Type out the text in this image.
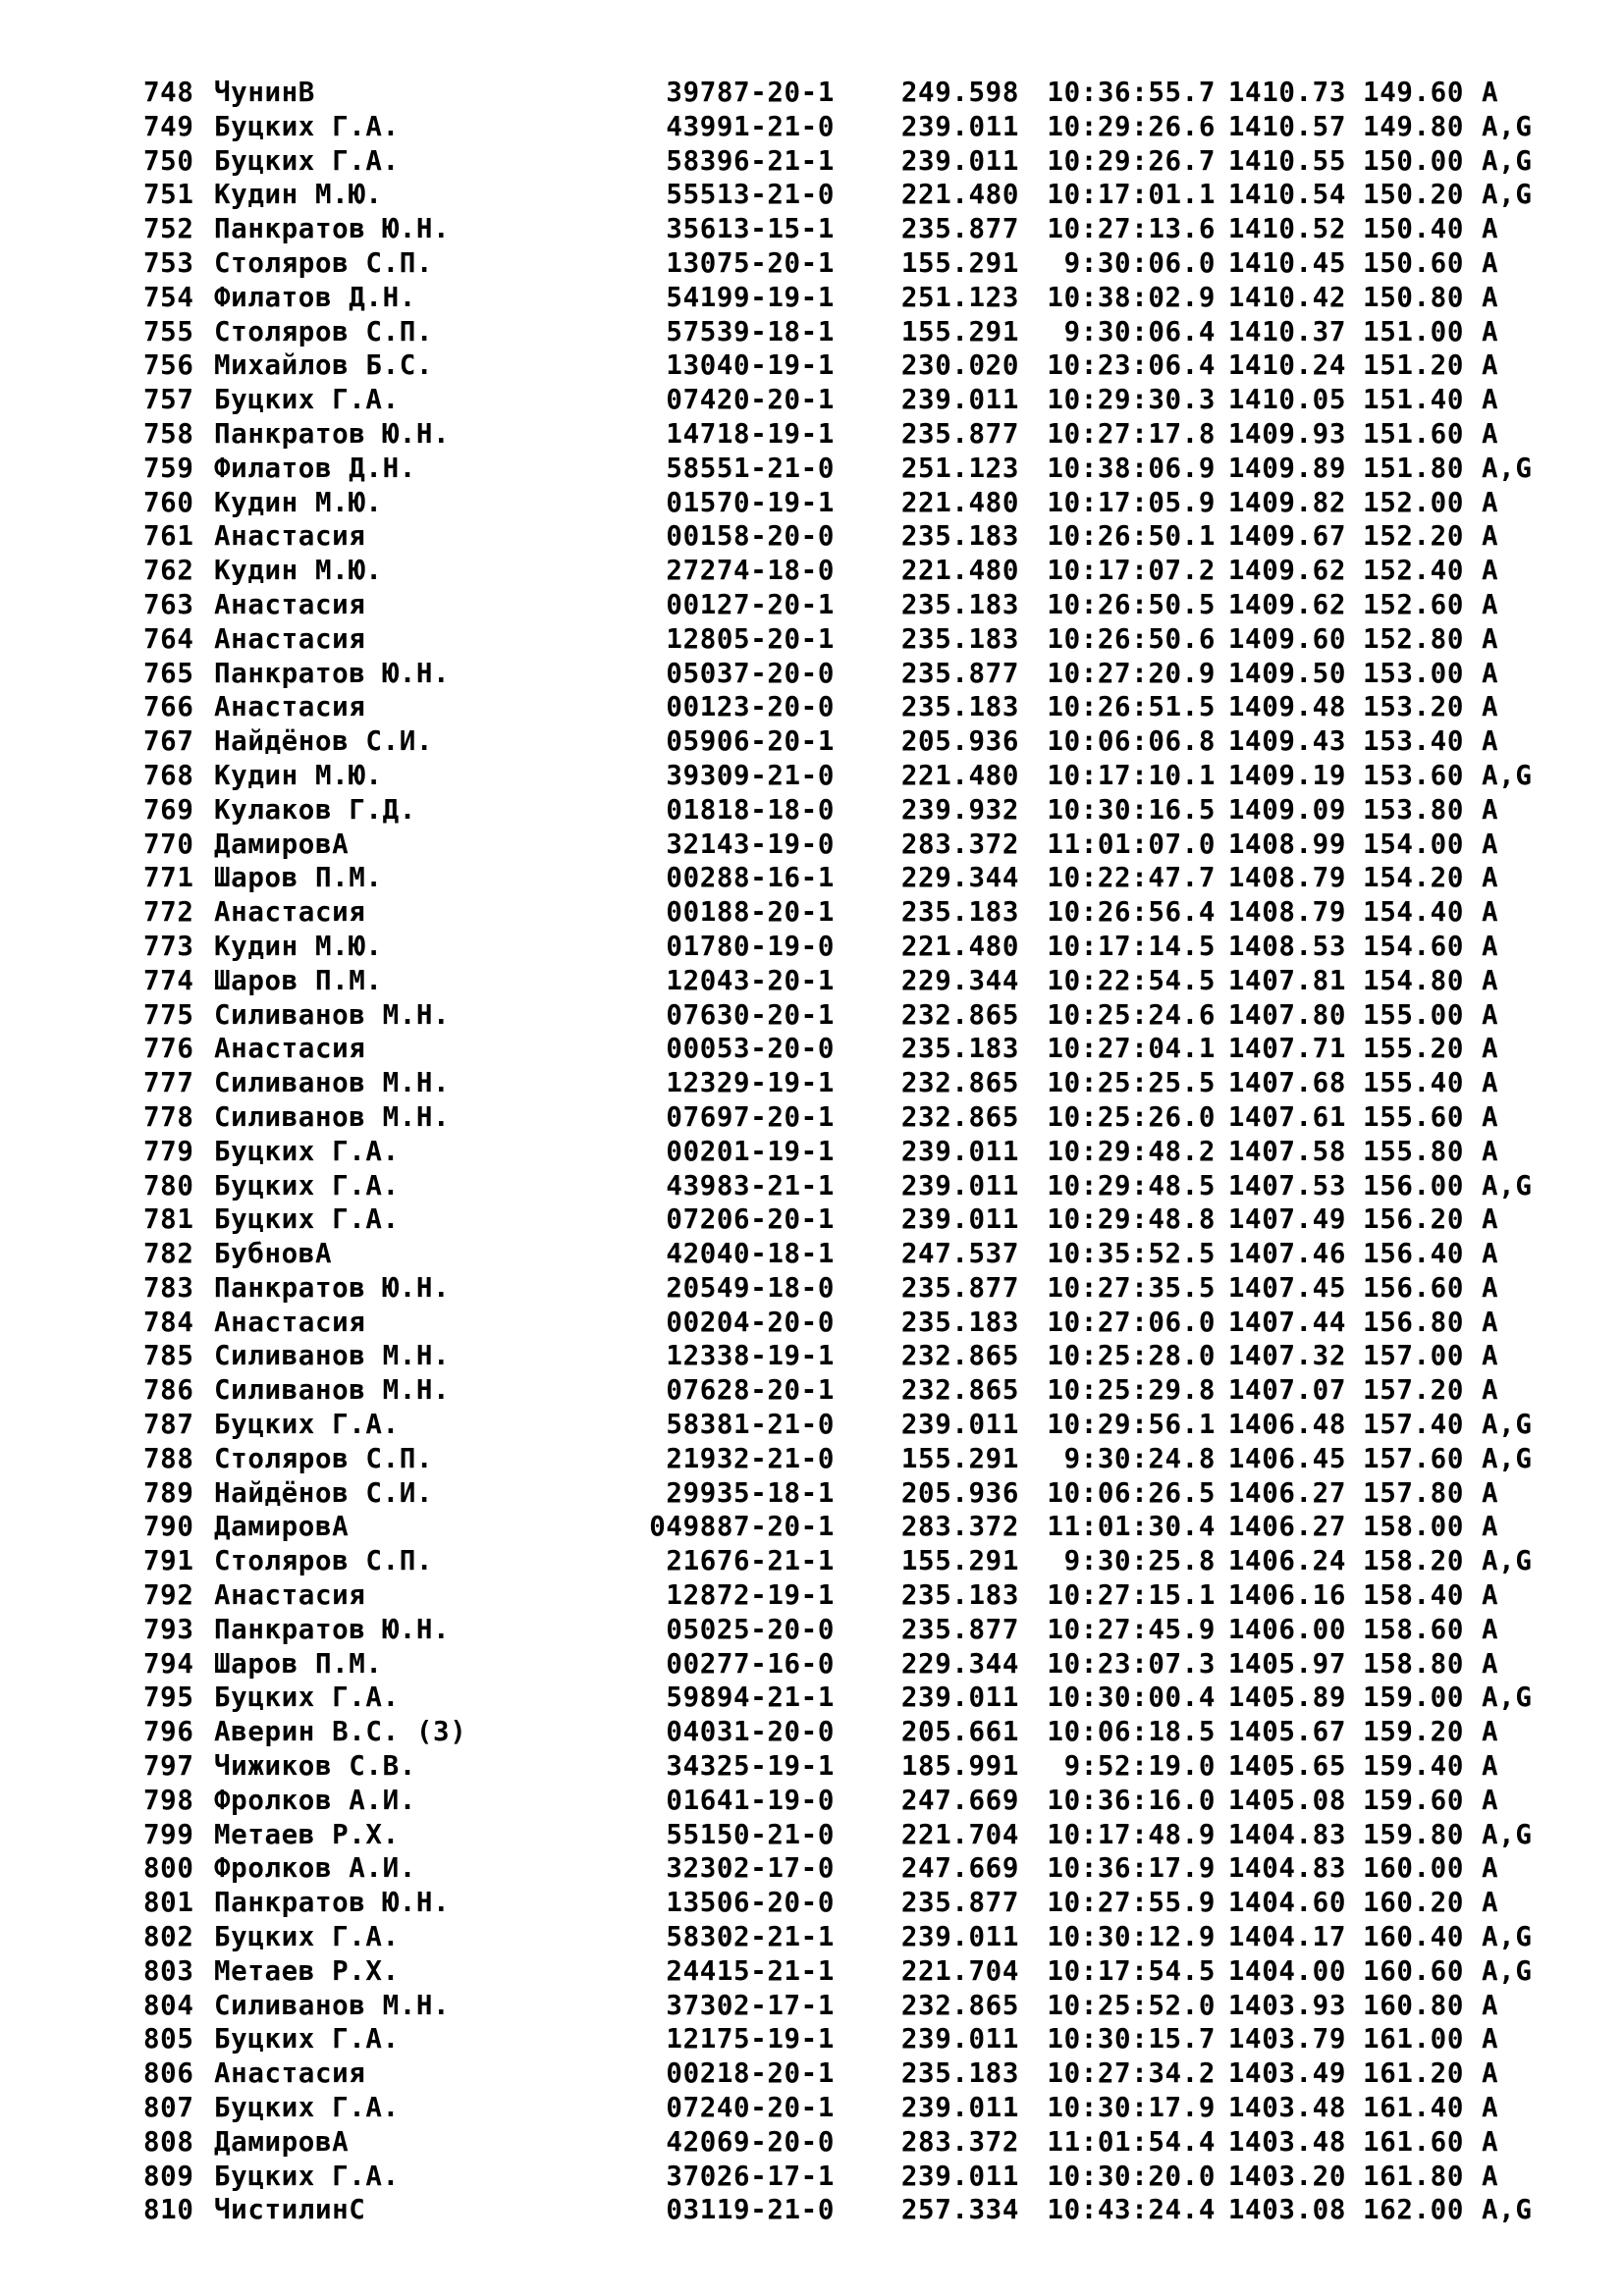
748 ЧунинВ	39787-20-1 249.598 10:36:55.7 1410.73 149.60 A
749 Буцких Г.А.	43991-21-0 239.011 10:29:26.6 1410.57 149.80 A,G
750 Буцких Г.А.	58396-21-1 239.011 10:29:26.7 1410.55 150.00 A,G
751 Кудин М.Ю.	55513-21-0 221.480 10:17:01.1 1410.54 150.20 A,G
752 Панкратов Ю.Н.	35613-15-1 235.877 10:27:13.6 1410.52 150.40 A
753 Столяров С.П.	13075-20-1 155.291 9:30:06.0 1410.45 150.60 A
754 Филатов Д.Н.	54199-19-1 251.123 10:38:02.9 1410.42 150.80 A
755 Столяров С.П.	57539-18-1 155.291 9:30:06.4 1410.37 151.00 A
756 Михайлов Б.С.	13040-19-1 230.020 10:23:06.4 1410.24 151.20 A
757 Буцких Г.А.	07420-20-1 239.011 10:29:30.3 1410.05 151.40 A
758 Панкратов Ю.Н.	14718-19-1 235.877 10:27:17.8 1409.93 151.60 A
759 Филатов Д.Н.	58551-21-0 251.123 10:38:06.9 1409.89 151.80 A,G
760 Кудин М.Ю.	01570-19-1 221.480 10:17:05.9 1409.82 152.00 A
761 Анастасия	00158-20-0 235.183 10:26:50.1 1409.67 152.20 A
762 Кудин М.Ю.	27274-18-0 221.480 10:17:07.2 1409.62 152.40 A
763 Анастасия	00127-20-1 235.183 10:26:50.5 1409.62 152.60 A
764 Анастасия	12805-20-1 235.183 10:26:50.6 1409.60 152.80 A
765 Панкратов Ю.Н.	05037-20-0 235.877 10:27:20.9 1409.50 153.00 A
766 Анастасия	00123-20-0 235.183 10:26:51.5 1409.48 153.20 A
767 Найдёнов С.И.	05906-20-1 205.936 10:06:06.8 1409.43 153.40 A
768 Кудин М.Ю.	39309-21-0 221.480 10:17:10.1 1409.19 153.60 A,G
769 Кулаков Г.Д.	01818-18-0 239.932 10:30:16.5 1409.09 153.80 A
770 ДамировА	32143-19-0 283.372 11:01:07.0 1408.99 154.00 A
771 Шаров П.М.	00288-16-1 229.344 10:22:47.7 1408.79 154.20 A
772 Анастасия	00188-20-1 235.183 10:26:56.4 1408.79 154.40 A
773 Кудин М.Ю.	01780-19-0 221.480 10:17:14.5 1408.53 154.60 A
774 Шаров П.М.	12043-20-1 229.344 10:22:54.5 1407.81 154.80 A
775 Силиванов М.Н.	07630-20-1 232.865 10:25:24.6 1407.80 155.00 A
776 Анастасия	00053-20-0 235.183 10:27:04.1 1407.71 155.20 A
777 Силиванов М.Н.	12329-19-1 232.865 10:25:25.5 1407.68 155.40 A
778 Силиванов М.Н.	07697-20-1 232.865 10:25:26.0 1407.61 155.60 A
779 Буцких Г.А.	00201-19-1 239.011 10:29:48.2 1407.58 155.80 A
780 Буцких Г.А.	43983-21-1 239.011 10:29:48.5 1407.53 156.00 A,G
781 Буцких Г.А.	07206-20-1 239.011 10:29:48.8 1407.49 156.20 A
782 БубновА	42040-18-1 247.537 10:35:52.5 1407.46 156.40 A
783 Панкратов Ю.Н.	20549-18-0 235.877 10:27:35.5 1407.45 156.60 A
784 Анастасия	00204-20-0 235.183 10:27:06.0 1407.44 156.80 A
785 Силиванов М.Н.	12338-19-1 232.865 10:25:28.0 1407.32 157.00 A
786 Силиванов М.Н.	07628-20-1 232.865 10:25:29.8 1407.07 157.20 A
787 Буцких Г.А.	58381-21-0 239.011 10:29:56.1 1406.48 157.40 A,G
788 Столяров С.П.	21932-21-0 155.291 9:30:24.8 1406.45 157.60 A,G
789 Найдёнов С.И.	29935-18-1 205.936 10:06:26.5 1406.27 157.80 A
790 ДамировА	049887-20-1 283.372 11:01:30.4 1406.27 158.00 A
791 Столяров С.П.	21676-21-1 155.291 9:30:25.8 1406.24 158.20 A,G
792 Анастасия	12872-19-1 235.183 10:27:15.1 1406.16 158.40 A
793 Панкратов Ю.Н.	05025-20-0 235.877 10:27:45.9 1406.00 158.60 A
794 Шаров П.М.	00277-16-0 229.344 10:23:07.3 1405.97 158.80 A
795 Буцких Г.А.	59894-21-1 239.011 10:30:00.4 1405.89 159.00 A,G
796 Аверин В.С. (З)	04031-20-0 205.661 10:06:18.5 1405.67 159.20 A
797 Чижиков С.В.	34325-19-1 185.991 9:52:19.0 1405.65 159.40 A
798 Фролков А.И.	01641-19-0 247.669 10:36:16.0 1405.08 159.60 A
799 Метаев Р.Х.	55150-21-0 221.704 10:17:48.9 1404.83 159.80 A,G
800 Фролков А.И.	32302-17-0 247.669 10:36:17.9 1404.83 160.00 A
801 Панкратов Ю.Н.	13506-20-0 235.877 10:27:55.9 1404.60 160.20 A
802 Буцких Г.А.	58302-21-1 239.011 10:30:12.9 1404.17 160.40 A,G
803 Метаев Р.Х.	24415-21-1 221.704 10:17:54.5 1404.00 160.60 A,G
804 Силиванов М.Н.	37302-17-1 232.865 10:25:52.0 1403.93 160.80 A
805 Буцких Г.А.	12175-19-1 239.011 10:30:15.7 1403.79 161.00 A
806 Анастасия	00218-20-1 235.183 10:27:34.2 1403.49 161.20 A
807 Буцких Г.А.	07240-20-1 239.011 10:30:17.9 1403.48 161.40 A
808 ДамировА	42069-20-0 283.372 11:01:54.4 1403.48 161.60 A
809 Буцких Г.А.	37026-17-1 239.011 10:30:20.0 1403.20 161.80 A
810 ЧистилинС	03119-21-0 257.334 10:43:24.4 1403.08 162.00 A,G
